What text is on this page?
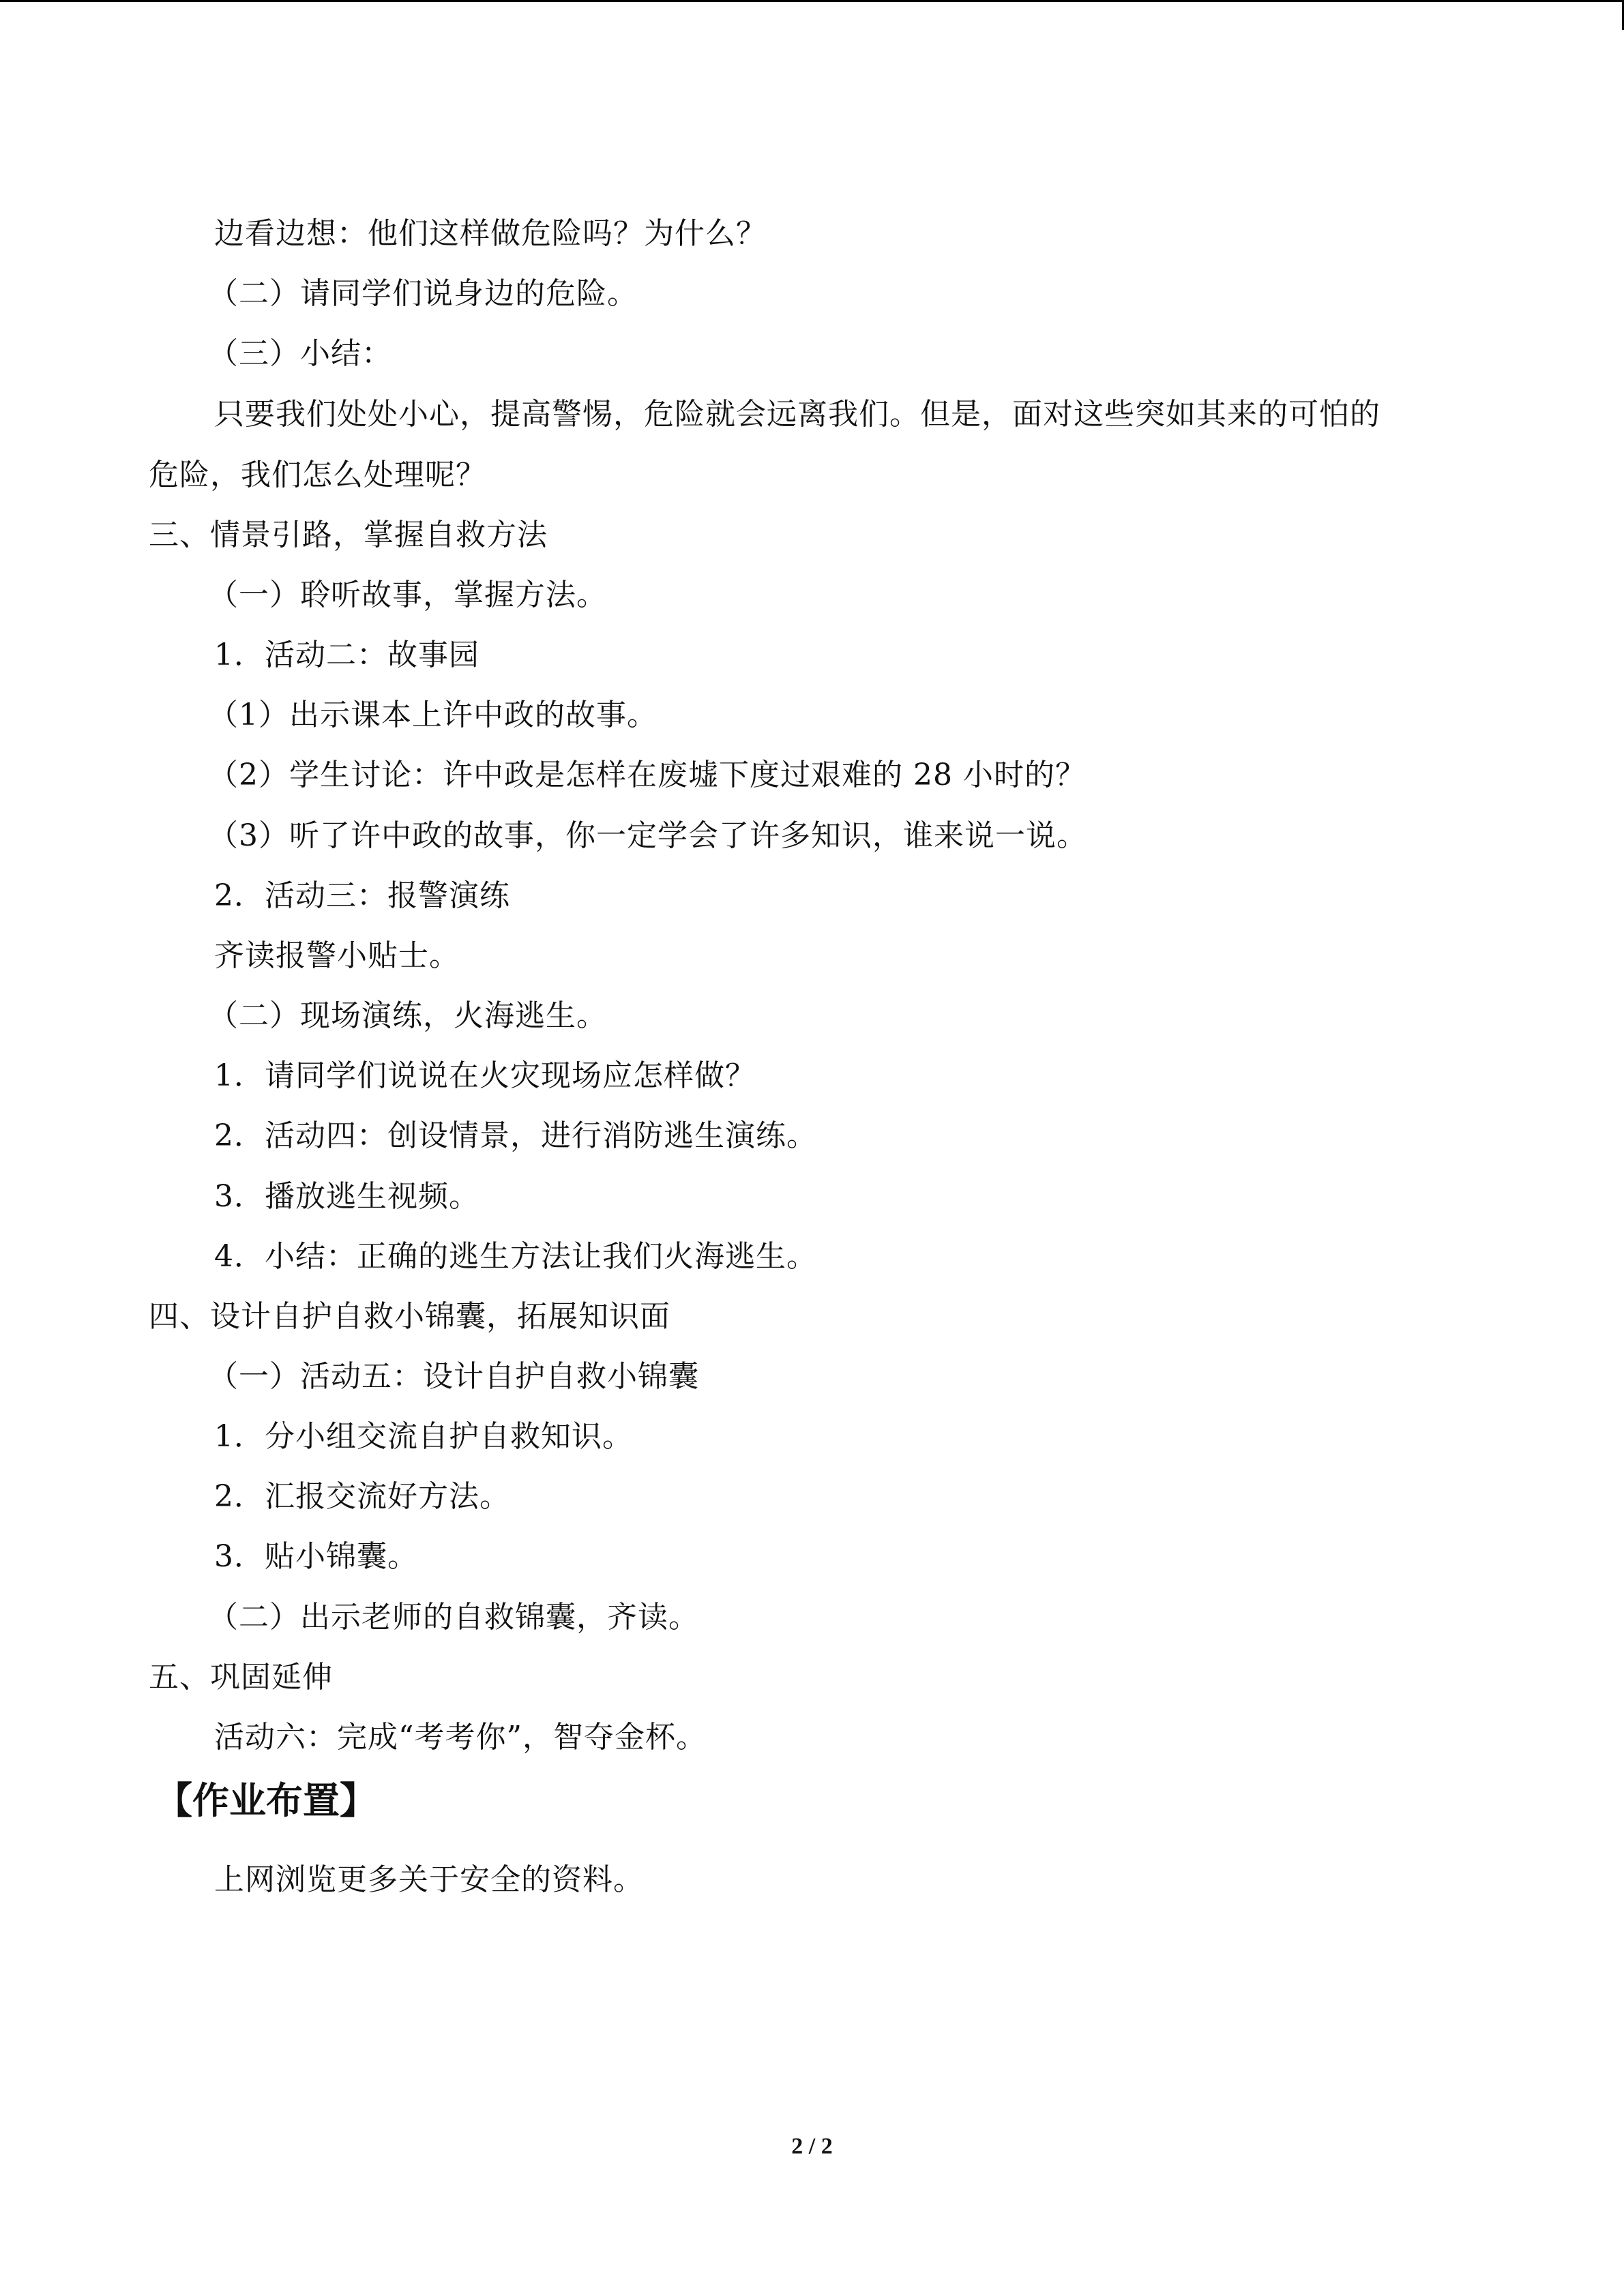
边看边想：他们这样做危险吗？为什么？
（二）请同学们说身边的危险。
（三）小结：
只要我们处处小心，提高警惕，危险就会远离我们。但是，面对这些突如其来的可怕的
危险，我们怎么处理呢？
三、情景引路，掌握自救方法
（一）聆听故事，掌握方法。
1．活动二：故事园
（1）出示课本上许中政的故事。
（2）学生讨论：许中政是怎样在废墟下度过艰难的 28 小时的？
（3）听了许中政的故事，你一定学会了许多知识，谁来说一说。
2．活动三：报警演练
齐读报警小贴士。
（二）现场演练，火海逃生。
1．请同学们说说在火灾现场应怎样做？
2．活动四：创设情景，进行消防逃生演练。
3．播放逃生视频。
4．小结：正确的逃生方法让我们火海逃生。
四、设计自护自救小锦囊，拓展知识面
（一）活动五：设计自护自救小锦囊
1．分小组交流自护自救知识。
2．汇报交流好方法。
3．贴小锦囊。
（二）出示老师的自救锦囊，齐读。
五、巩固延伸
活动六：完成“考考你”，智夺金杯。
【作业布置】
上网浏览更多关于安全的资料。
2 / 2
